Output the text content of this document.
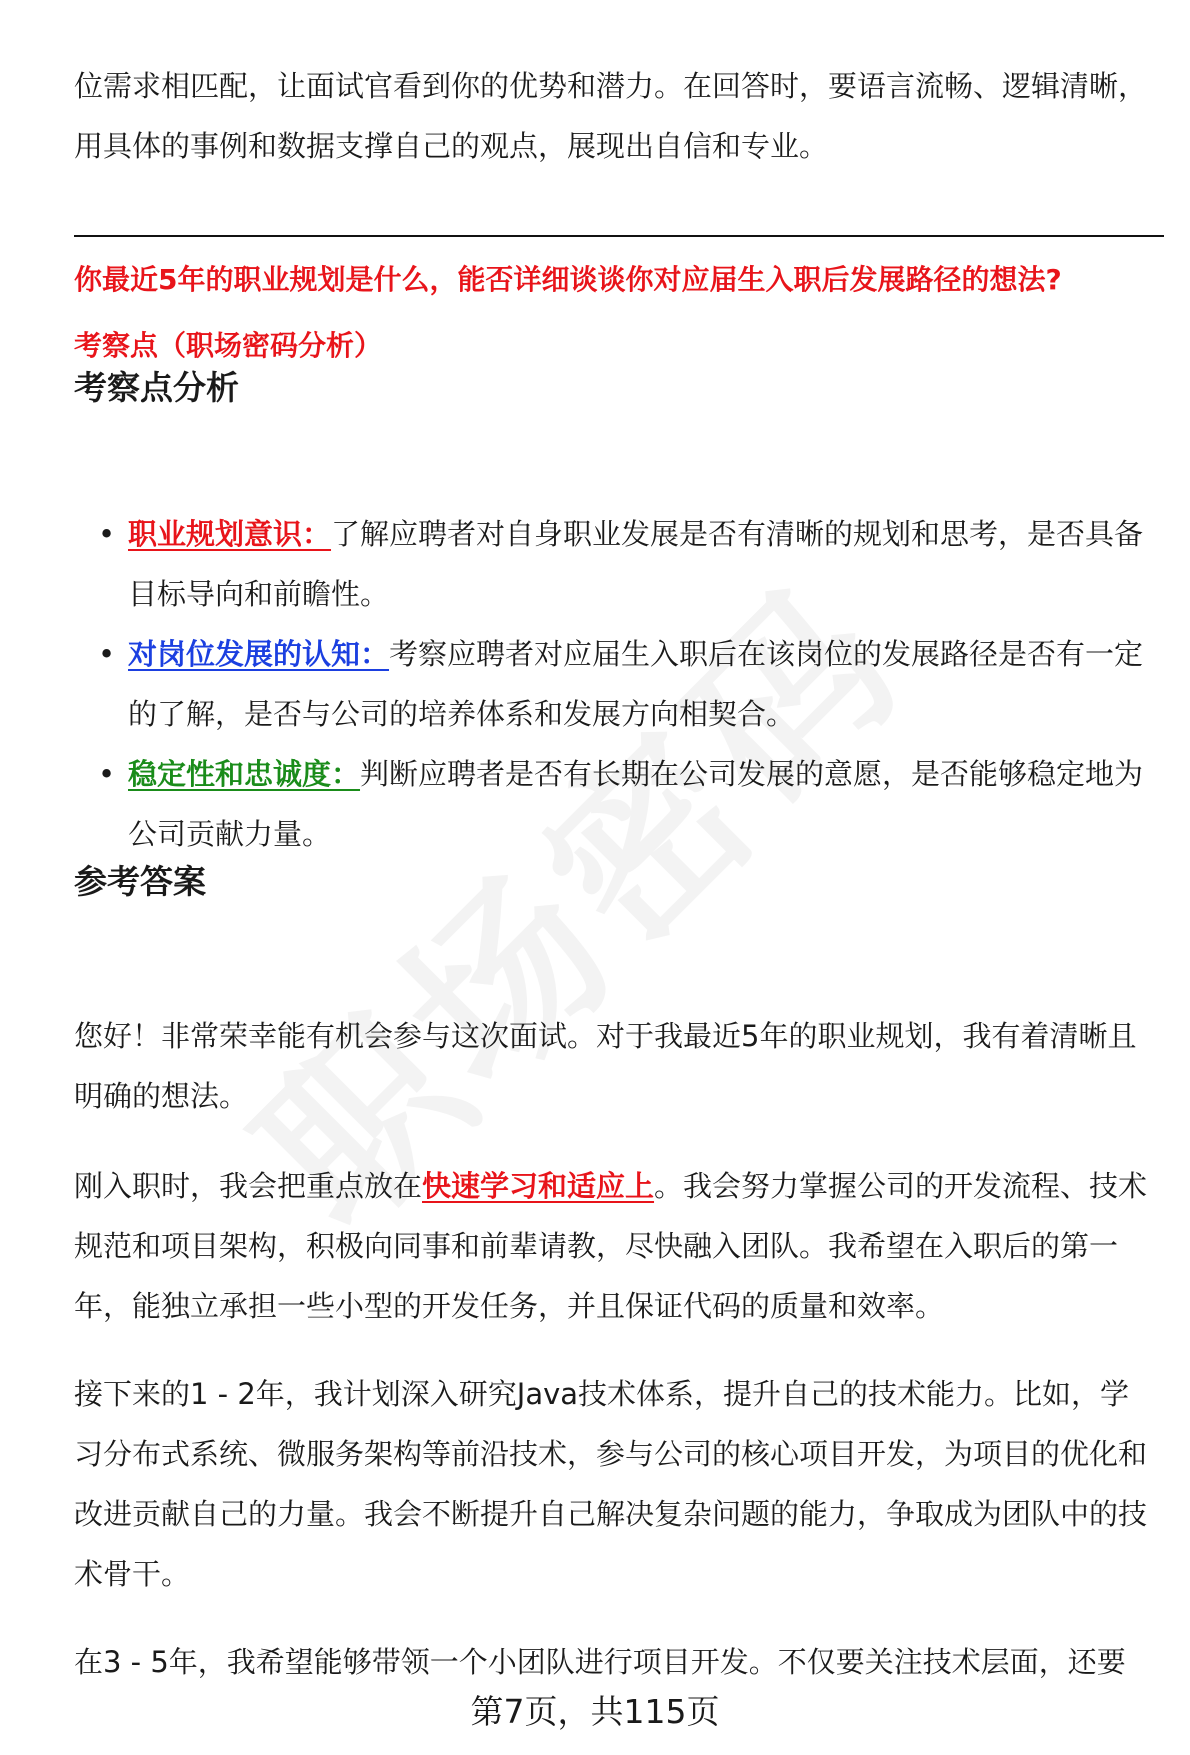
位需求相匹配，让面试官看到你的优势和潜力。在回答时，要语言流畅、逻辑清晰，用具体的事例和数据支撑自己的观点，展现出自信和专业。

你最近5年的职业规划是什么，能否详细谈谈你对应届生入职后发展路径的想法?

考察点（职场密码分析）

考察点分析
• 职业规划意识：了解应聘者对自身职业发展是否有清晰的规划和思考，是否具备目标导向和前瞻性。
• 对岗位发展的认知：考察应聘者对应届生入职后在该岗位的发展路径是否有一定的了解，是否与公司的培养体系和发展方向相契合。
• 稳定性和忠诚度：判断应聘者是否有长期在公司发展的意愿，是否能够稳定地为公司贡献力量。
参考答案

您好！非常荣幸能有机会参与这次面试。对于我最近5年的职业规划，我有着清晰且明确的想法。

刚入职时，我会把重点放在快速学习和适应上。我会努力掌握公司的开发流程、技术规范和项目架构，积极向同事和前辈请教，尽快融入团队。我希望在入职后的第一年，能独立承担一些小型的开发任务，并且保证代码的质量和效率。

接下来的1 - 2年，我计划深入研究Java技术体系，提升自己的技术能力。比如，学习分布式系统、微服务架构等前沿技术，参与公司的核心项目开发，为项目的优化和改进贡献自己的力量。我会不断提升自己解决复杂问题的能力，争取成为团队中的技术骨干。

在3 - 5年，我希望能够带领一个小团队进行项目开发。不仅要关注技术层面，还要

第7页，共115页
